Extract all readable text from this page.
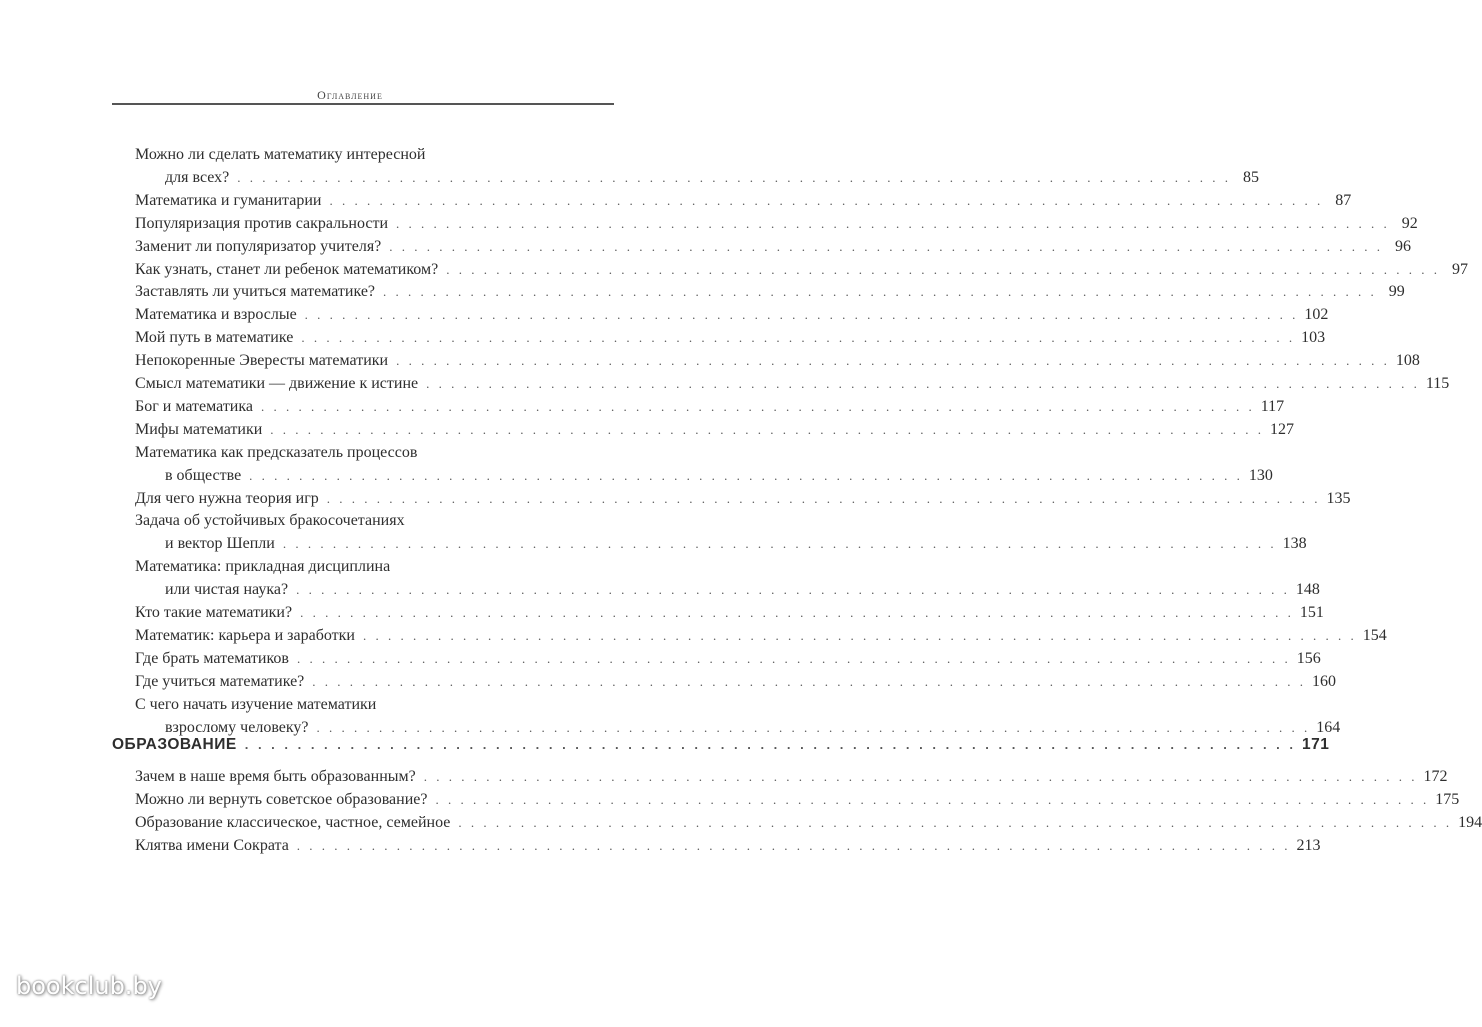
Оглавление
Можно ли сделать математику интересной
для всех? . . . . . . . . . . . . . . . . . . . . . . . . . . . . . . . . . . . . . . . . . . . . . . . . . . . . . . . . . . . . . . . . . . . . . . . . . . . . . . . . 85
Математика и гуманитарии . . . . . . . . . . . . . . . . . . . . . . . . . . . . . . . . . . . . . . . . . . . . . . . . . . . . . . . . . . . . . . . . . . . . . . . . . . . . . . . . 87
Популяризация против сакральности . . . . . . . . . . . . . . . . . . . . . . . . . . . . . . . . . . . . . . . . . . . . . . . . . . . . . . . . . . . . . . . . . . . . . . . . . . . . . . . . 92
Заменит ли популяризатор учителя? . . . . . . . . . . . . . . . . . . . . . . . . . . . . . . . . . . . . . . . . . . . . . . . . . . . . . . . . . . . . . . . . . . . . . . . . . . . . . . . . 96
Как узнать, станет ли ребенок математиком? . . . . . . . . . . . . . . . . . . . . . . . . . . . . . . . . . . . . . . . . . . . . . . . . . . . . . . . . . . . . . . . . . . . . . . . . . . . . . . . . 97
Заставлять ли учиться математике? . . . . . . . . . . . . . . . . . . . . . . . . . . . . . . . . . . . . . . . . . . . . . . . . . . . . . . . . . . . . . . . . . . . . . . . . . . . . . . . . 99
Математика и взрослые . . . . . . . . . . . . . . . . . . . . . . . . . . . . . . . . . . . . . . . . . . . . . . . . . . . . . . . . . . . . . . . . . . . . . . . . . . . . . . . . 102
Мой путь в математике . . . . . . . . . . . . . . . . . . . . . . . . . . . . . . . . . . . . . . . . . . . . . . . . . . . . . . . . . . . . . . . . . . . . . . . . . . . . . . . . 103
Непокоренные Эвересты математики . . . . . . . . . . . . . . . . . . . . . . . . . . . . . . . . . . . . . . . . . . . . . . . . . . . . . . . . . . . . . . . . . . . . . . . . . . . . . . . . 108
Смысл математики — движение к истине . . . . . . . . . . . . . . . . . . . . . . . . . . . . . . . . . . . . . . . . . . . . . . . . . . . . . . . . . . . . . . . . . . . . . . . . . . . . . . . . 115
Бог и математика . . . . . . . . . . . . . . . . . . . . . . . . . . . . . . . . . . . . . . . . . . . . . . . . . . . . . . . . . . . . . . . . . . . . . . . . . . . . . . . . 117
Мифы математики . . . . . . . . . . . . . . . . . . . . . . . . . . . . . . . . . . . . . . . . . . . . . . . . . . . . . . . . . . . . . . . . . . . . . . . . . . . . . . . . 127
Математика как предсказатель процессов
в обществе . . . . . . . . . . . . . . . . . . . . . . . . . . . . . . . . . . . . . . . . . . . . . . . . . . . . . . . . . . . . . . . . . . . . . . . . . . . . . . . . 130
Для чего нужна теория игр . . . . . . . . . . . . . . . . . . . . . . . . . . . . . . . . . . . . . . . . . . . . . . . . . . . . . . . . . . . . . . . . . . . . . . . . . . . . . . . . 135
Задача об устойчивых бракосочетаниях
и вектор Шепли . . . . . . . . . . . . . . . . . . . . . . . . . . . . . . . . . . . . . . . . . . . . . . . . . . . . . . . . . . . . . . . . . . . . . . . . . . . . . . . . 138
Математика: прикладная дисциплина
или чистая наука? . . . . . . . . . . . . . . . . . . . . . . . . . . . . . . . . . . . . . . . . . . . . . . . . . . . . . . . . . . . . . . . . . . . . . . . . . . . . . . . . 148
Кто такие математики? . . . . . . . . . . . . . . . . . . . . . . . . . . . . . . . . . . . . . . . . . . . . . . . . . . . . . . . . . . . . . . . . . . . . . . . . . . . . . . . . 151
Математик: карьера и заработки . . . . . . . . . . . . . . . . . . . . . . . . . . . . . . . . . . . . . . . . . . . . . . . . . . . . . . . . . . . . . . . . . . . . . . . . . . . . . . . . 154
Где брать математиков . . . . . . . . . . . . . . . . . . . . . . . . . . . . . . . . . . . . . . . . . . . . . . . . . . . . . . . . . . . . . . . . . . . . . . . . . . . . . . . . 156
Где учиться математике? . . . . . . . . . . . . . . . . . . . . . . . . . . . . . . . . . . . . . . . . . . . . . . . . . . . . . . . . . . . . . . . . . . . . . . . . . . . . . . . . 160
С чего начать изучение математики
взрослому человеку? . . . . . . . . . . . . . . . . . . . . . . . . . . . . . . . . . . . . . . . . . . . . . . . . . . . . . . . . . . . . . . . . . . . . . . . . . . . . . . . . 164
ОБРАЗОВАНИЕ . . . . . . . . . . . . . . . . . . . . . . . . . . . . . . . . . . . . . . . . . . . . . . . . . . . . . . . . . . . . . . . . . . . . . . . . . . . . . . . . 171
Зачем в наше время быть образованным? . . . . . . . . . . . . . . . . . . . . . . . . . . . . . . . . . . . . . . . . . . . . . . . . . . . . . . . . . . . . . . . . . . . . . . . . . . . . . . . . 172
Можно ли вернуть советское образование? . . . . . . . . . . . . . . . . . . . . . . . . . . . . . . . . . . . . . . . . . . . . . . . . . . . . . . . . . . . . . . . . . . . . . . . . . . . . . . . . 175
Образование классическое, частное, семейное . . . . . . . . . . . . . . . . . . . . . . . . . . . . . . . . . . . . . . . . . . . . . . . . . . . . . . . . . . . . . . . . . . . . . . . . . . . . . . . . 194
Клятва имени Сократа . . . . . . . . . . . . . . . . . . . . . . . . . . . . . . . . . . . . . . . . . . . . . . . . . . . . . . . . . . . . . . . . . . . . . . . . . . . . . . . . 213
bookclub.by
